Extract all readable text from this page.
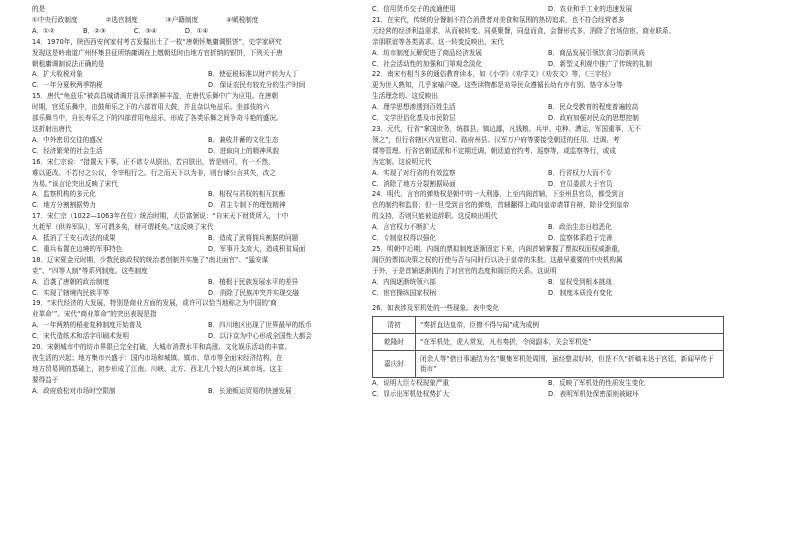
的是
①中央行政制度	②选官制度	③户籍制度	④赋税制度
A．①②	B．②③	C．③④	D．①④
14．1970年，陕西西安何家村考古发掘出土了一枚“唐朝怀集庸调银饼”，史学家研究
发现这是岭南道广州怀集县征所纳庸调在上缴朝廷时由地方官折纳的银饼，下列关于唐
朝租庸调制说法正确的是
A．扩大收税对象	B．使征税标准以财产转为人丁
C．一年分夏秋两季纳税	D．保证农民有较充分的生产时间
15．唐代“龟兹乐”被高昌城请调并且乐律新鲜丰盈，在唐代乐舞中广为应用。在唐朝
时期，宫廷乐舞中，由鼓师乐之下的六部首用大鼓，并且杂以龟兹乐。坐部伎的六
部乐舞当中，自长寿乐之下的四部首用龟兹乐，形成了各类乐舞之间争奇斗艳的盛况。
这折射出唐代
A．中外密切交往的盛况	B．兼收并蓄的文化生态
C．经济繁荣的社会生活	D．进取向上的精神风貌
16．宋仁宗说：“措置天下事，正不欲专从朕出，若自朕出，皆是则可，有一不然，
难以更改。不若付之公议，令宰相行之。行之而天下以为非，则台谏公言其失，改之
为易。”该言论突出反映了宋代
A．监察机构的多元化	B．相权与君权的相互抗衡
C．地方分割割据势力	D．君主专制下的理性精神
17．宋仁宗（1022—1063年在位）统治时期，大臣富弼说：“自宋天下财货所入，十中
九耗军（供养军队），军可谓多矣，财可谓耗矣。”这反映了宋代
A．抵消了王安石改法的成果	B．造成了武将拥兵割据的问题
C．重兵布置在边境的军事特色	D．军事开支庞大，造成积贫局面
18．辽宋夏金元时期，少数民族政权的统治者创制并实施了“南北面官”、“猛安谋
克”、“四等人制”等系列制度。这些制度
A．沿袭了唐朝的政治制度	B．植根于民族发展水平的差异
C．实现了辖境内民族平等	D．消除了民族冲突并实现交融
19．“宋代经济的大发展，特别是商业方面的发展，或许可以恰当地称之为中国的‘商
业革命’”。宋代“商业革命”的突出表现是指
A．一年两熟的稻麦复种制度开始普及	B．四川地区出现了世界最早的纸币
C．宋代造纸术和活字印刷术发明	D．以汴京为中心形成全国性大都会
20．宋朝城市中的坊市界限已完全打破，大城市消费水平和高涨、文化娱乐活动的丰富、
夜生活的兴起；地方集市兴盛于：国内市场和城镇、镇市、草市等全面宋经济结构，在
地方贸易网的基础上，初步形成了江南、川峡、北方、西北几个较大的区域市场。这主
要得益于
A．政府放松对市场时空限制	B．长途贩运贸易的快速发展
C．信用货币交子的流通使用	D．农业和手工业的迅速发展
21．在宋代，传统的分餐制不符合消费者对美食和氛围的热切追求，也不符合经营者多
元经营的经济利益需求，从而被转变。同桌聚餐，同盘而食，会餐形式多，消除了官场信宦、商业联系、
亲朋联谊等各类需求。这一转变反映出，宋代
A．坊市制度瓦解促进了商品经济发展	B．商品发展引领饮食习俗新风尚
C．社会活动性的加强和门第观念淡化	D．新型义利观中推广了传统的礼制
22．南宋有相当多的通俗教育读本，如《小学》《劝学文》《劝农文》等，《三字经》
更为世人熟知，几乎家喻户晓。这些读物都是劝导民众遵循长幼有序有别、恪守本分等
生活理念的。这反映出
A．理学思想渗透到百姓生活	B．民众受教育的程度普遍较高
C．文学世俗化基及市民阶层	D．政府加强对民众的思想控制
23．元代，行省“掌国庶务，统郡县，镇边鄙，凡钱粮、兵甲、屯种、漕运，军国重事，无不
领之”，但行省辖区内宣慰司、路府州县、汉军万户府等要接受朝廷的任用、迁调、考
课等管理。行省官朝廷派和不定期迁调，朝廷道官约考、巡察等，或监察等行，或成
为定制。这说明元代
A．实现了对行省的有效监察	B．行省权力大而不专
C．消除了地方分裂割据局面	D．官员委派大于官员
24．明代，言官的弹劾权是朝中的一大利器，上至内阁首辅，下至州县官员，都受到言
官的制约和监督；但一旦受到言官的弹劾，首辅翻得上疏向皇帝请罪自辩，除非受到皇帝
的支持，否则只能被迫辞职。这反映出明代
A．言官权力不断扩大	B．政治生态日趋恶化
C．专制皇权得以强化	D．监察体系趋于完善
25．明朝中后期，内阁的票拟制度逐渐固定下来，内阁首辅掌握了票拟权而权威渐重，
阁臣的票拟决策之权的行使与否与同时行以决于皇帝的朱批。这最早重要的中央机构属
于外，于是首辅逐渐拥有了对宫官的态度和阁臣的关系。这说明
A．内阁逐渐统领六部	B．皇权受到根本挑战
C．宦官操纵国家权柄	D．制度本质没有变化
26．如表涉及军机处的一些现象。表中变化
清初	“奏折直达皇帝，臣僚不得与闻”成为成例
乾隆时	“在军机处，虎人常发，凡有奏折，令阅副本，关会军机处”
嘉庆时	闭余人等“借目事通结为名”聚集军机处周围，虽经整肃好转，但是不久“折稿未达于宫廷，新闻早传于街市”
A．说明大臣专权现象严重	B．反映了军机处的性质发生变化
C．显示出军机处权势扩大	D．表明军机处保密原则被破坏
